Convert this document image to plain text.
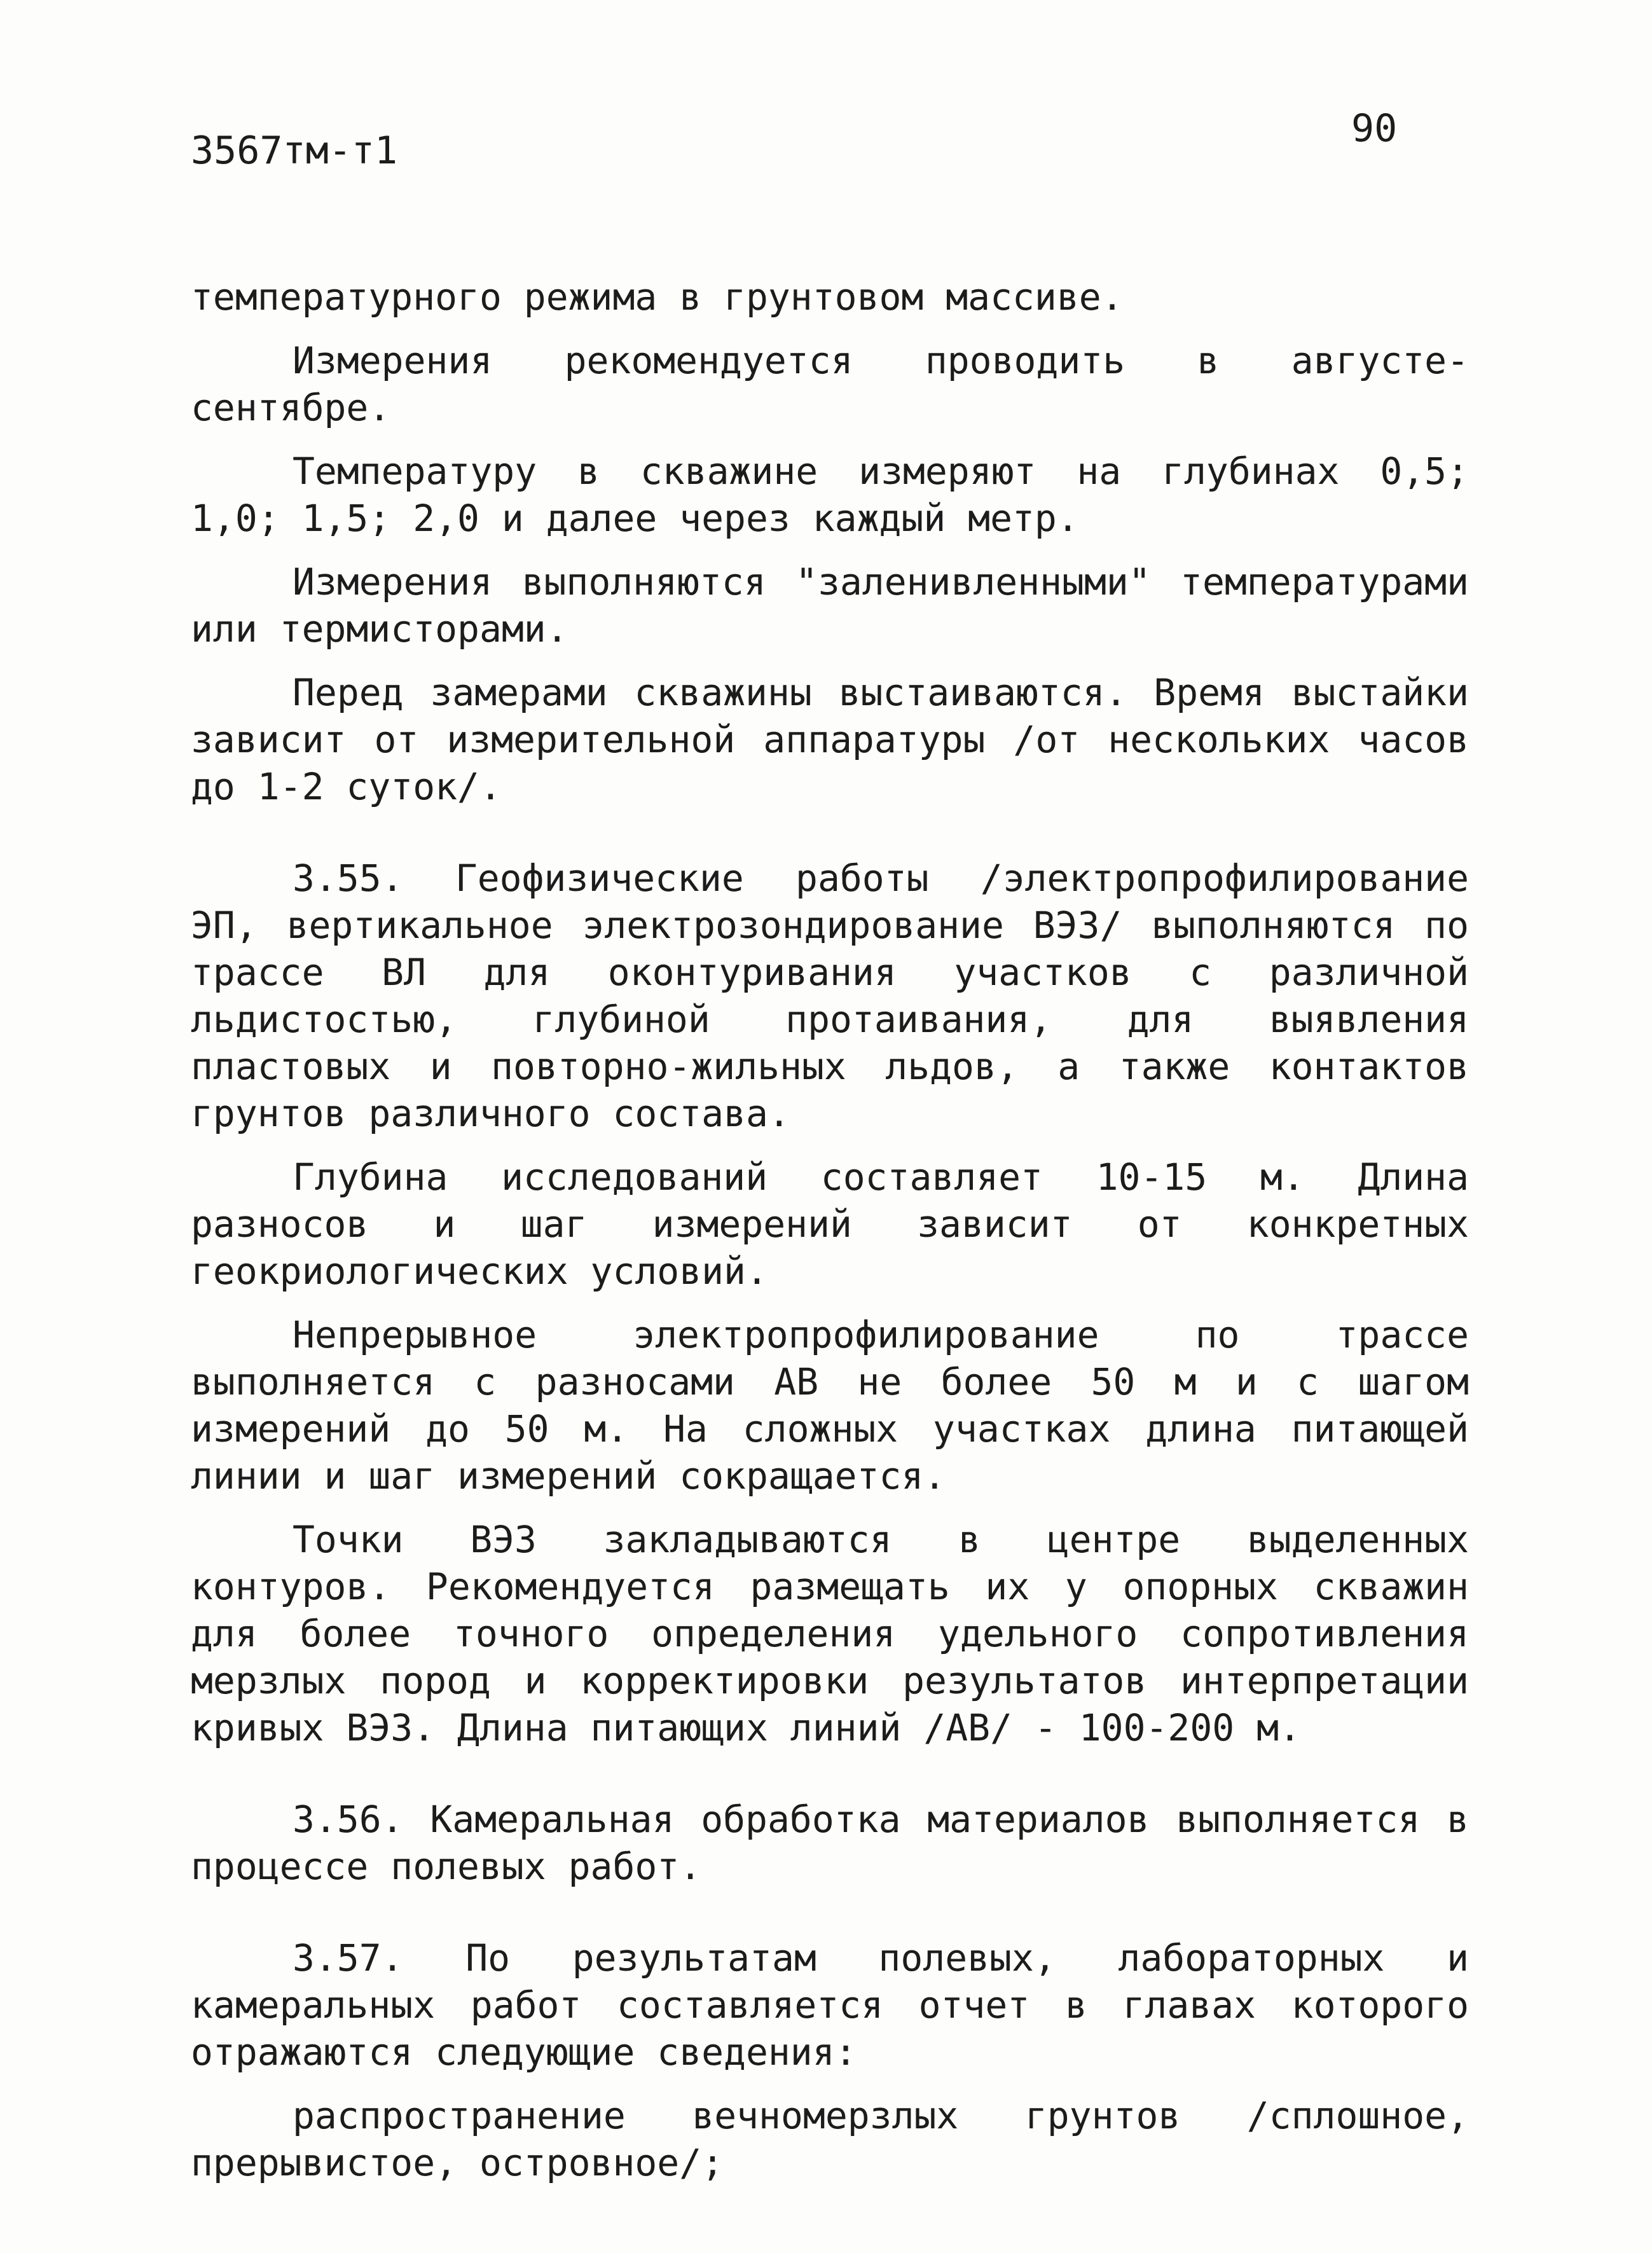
3567тм-т1	90

температурного режима в грунтовом массиве.

Измерения рекомендуется проводить в августе-сентябре.

Температуру в скважине измеряют на глубинах 0,5; 1,0; 1,5; 2,0 и далее через каждый метр.

Измерения выполняются "заленивленными" температурами или термисторами.

Перед замерами скважины выстаиваются. Время выстайки зависит от измерительной аппаратуры /от нескольких часов до 1-2 суток/.

3.55. Геофизические работы /электропрофилирование ЭП, вертикальное электрозондирование ВЭЗ/ выполняются по трассе ВЛ для оконтуривания участков с различной льдистостью, глубиной протаивания, для выявления пластовых и повторно-жильных льдов, а также контактов грунтов различного состава.

Глубина исследований составляет 10-15 м. Длина разносов и шаг измерений зависит от конкретных геокриологических условий.

Непрерывное электропрофилирование по трассе выполняется с разносами АВ не более 50 м и с шагом измерений до 50 м. На сложных участках длина питающей линии и шаг измерений сокращается.

Точки ВЭЗ закладываются в центре выделенных контуров. Рекомендуется размещать их у опорных скважин для более точного определения удельного сопротивления мерзлых пород и корректировки результатов интерпретации кривых ВЭЗ. Длина питающих линий /АВ/ - 100-200 м.

3.56. Камеральная обработка материалов выполняется в процессе полевых работ.

3.57. По результатам полевых, лабораторных и камеральных работ составляется отчет в главах которого отражаются следующие сведения:

распространение вечномерзлых грунтов /сплошное, прерывистое, островное/;
